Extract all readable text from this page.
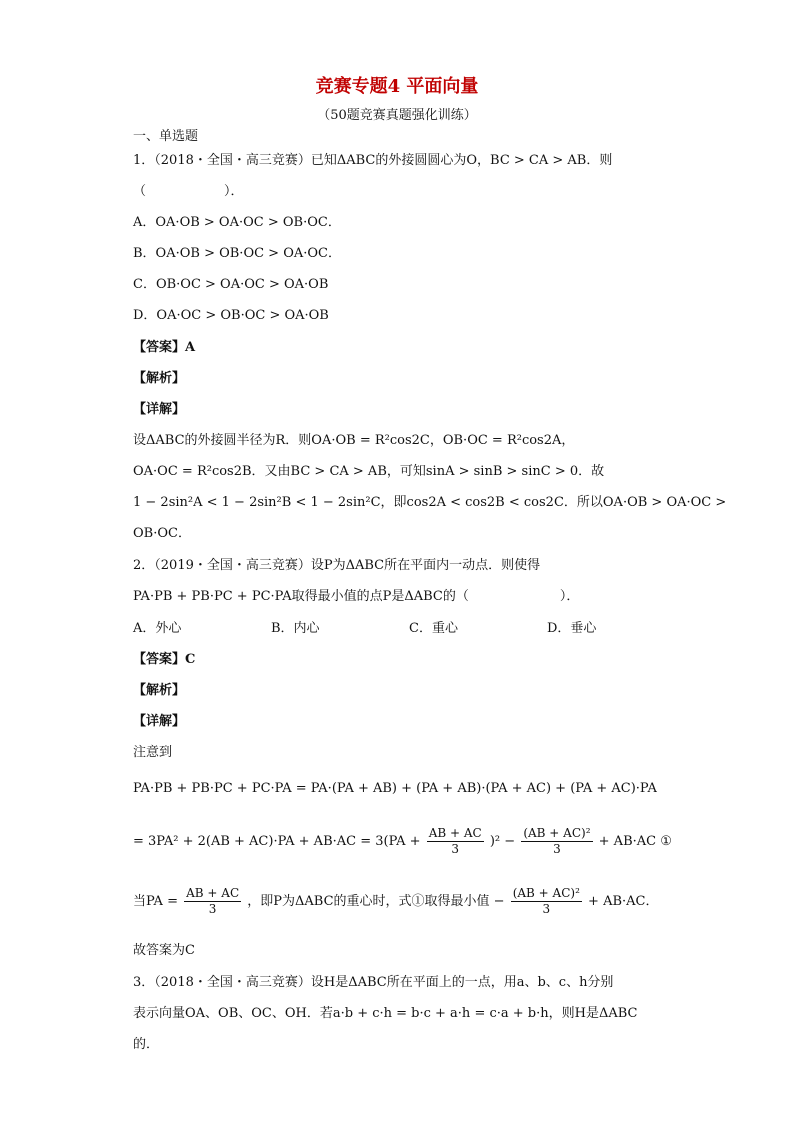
竞赛专题4 平面向量
（50题竞赛真题强化训练）
一、单选题
1．（2018・全国・高三竞赛）已知ΔABC的外接圆圆心为O，BC > CA > AB．则
（　　　　　　）．
A．OA·OB > OA·OC > OB·OC．
B．OA·OB > OB·OC > OA·OC．
C．OB·OC > OA·OC > OA·OB
D．OA·OC > OB·OC > OA·OB
【答案】A
【解析】
【详解】
设ΔABC的外接圆半径为R．则OA·OB = R²cos2C，OB·OC = R²cos2A，
OA·OC = R²cos2B．又由BC > CA > AB，可知sinA > sinB > sinC > 0．故
1 − 2sin²A < 1 − 2sin²B < 1 − 2sin²C，即cos2A < cos2B < cos2C．所以OA·OB > OA·OC >
OB·OC．
2．（2019・全国・高三竞赛）设P为ΔABC所在平面内一动点．则使得
PA·PB + PB·PC + PC·PA取得最小值的点P是ΔABC的（　　　　　　　）．
A．外心	B．内心	C．重心	D．垂心
【答案】C
【解析】
【详解】
注意到
PA·PB + PB·PC + PC·PA = PA·(PA + AB) + (PA + AB)·(PA + AC) + (PA + AC)·PA
= $3PA^2 + 2(AB + AC)\cdot PA + AB\cdot AC = 3(PA + \frac{AB + AC}{3} )^2 - \frac{\text{(AB + AC)²}}{3} + AB\cdot AC$ ①
当PA = $\frac{AB + AC}{3}$ ，即P为ΔABC的重心时，式①取得最小值 − $\frac{\text{(AB + AC)²}}{3} + AB\cdot AC$．
故答案为C
3．（2018・全国・高三竞赛）设H是ΔABC所在平面上的一点，用a、b、c、h分别
表示向量OA、OB、OC、OH．若a·b + c·h = b·c + a·h = c·a + b·h，则H是ΔABC
的．
